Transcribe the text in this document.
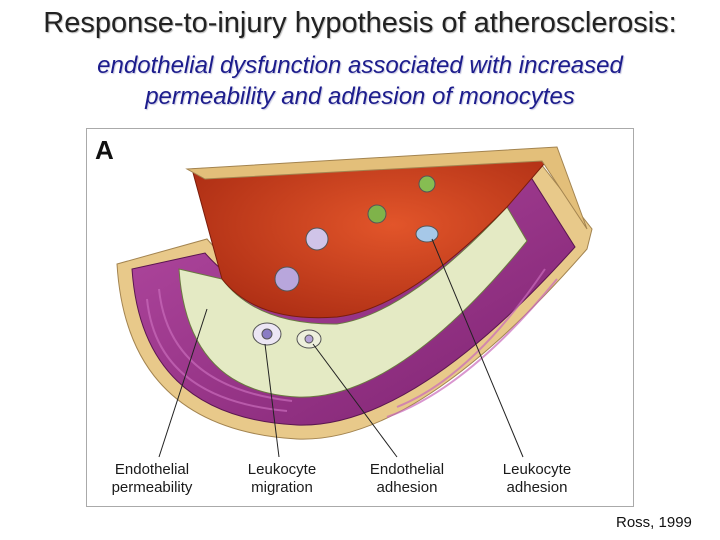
Response-to-injury hypothesis of atherosclerosis:
endothelial dysfunction associated with increased
permeability and adhesion of monocytes
A
Endothelial
permeability
Leukocyte
migration
Endothelial
adhesion
Leukocyte
adhesion
Ross, 1999
